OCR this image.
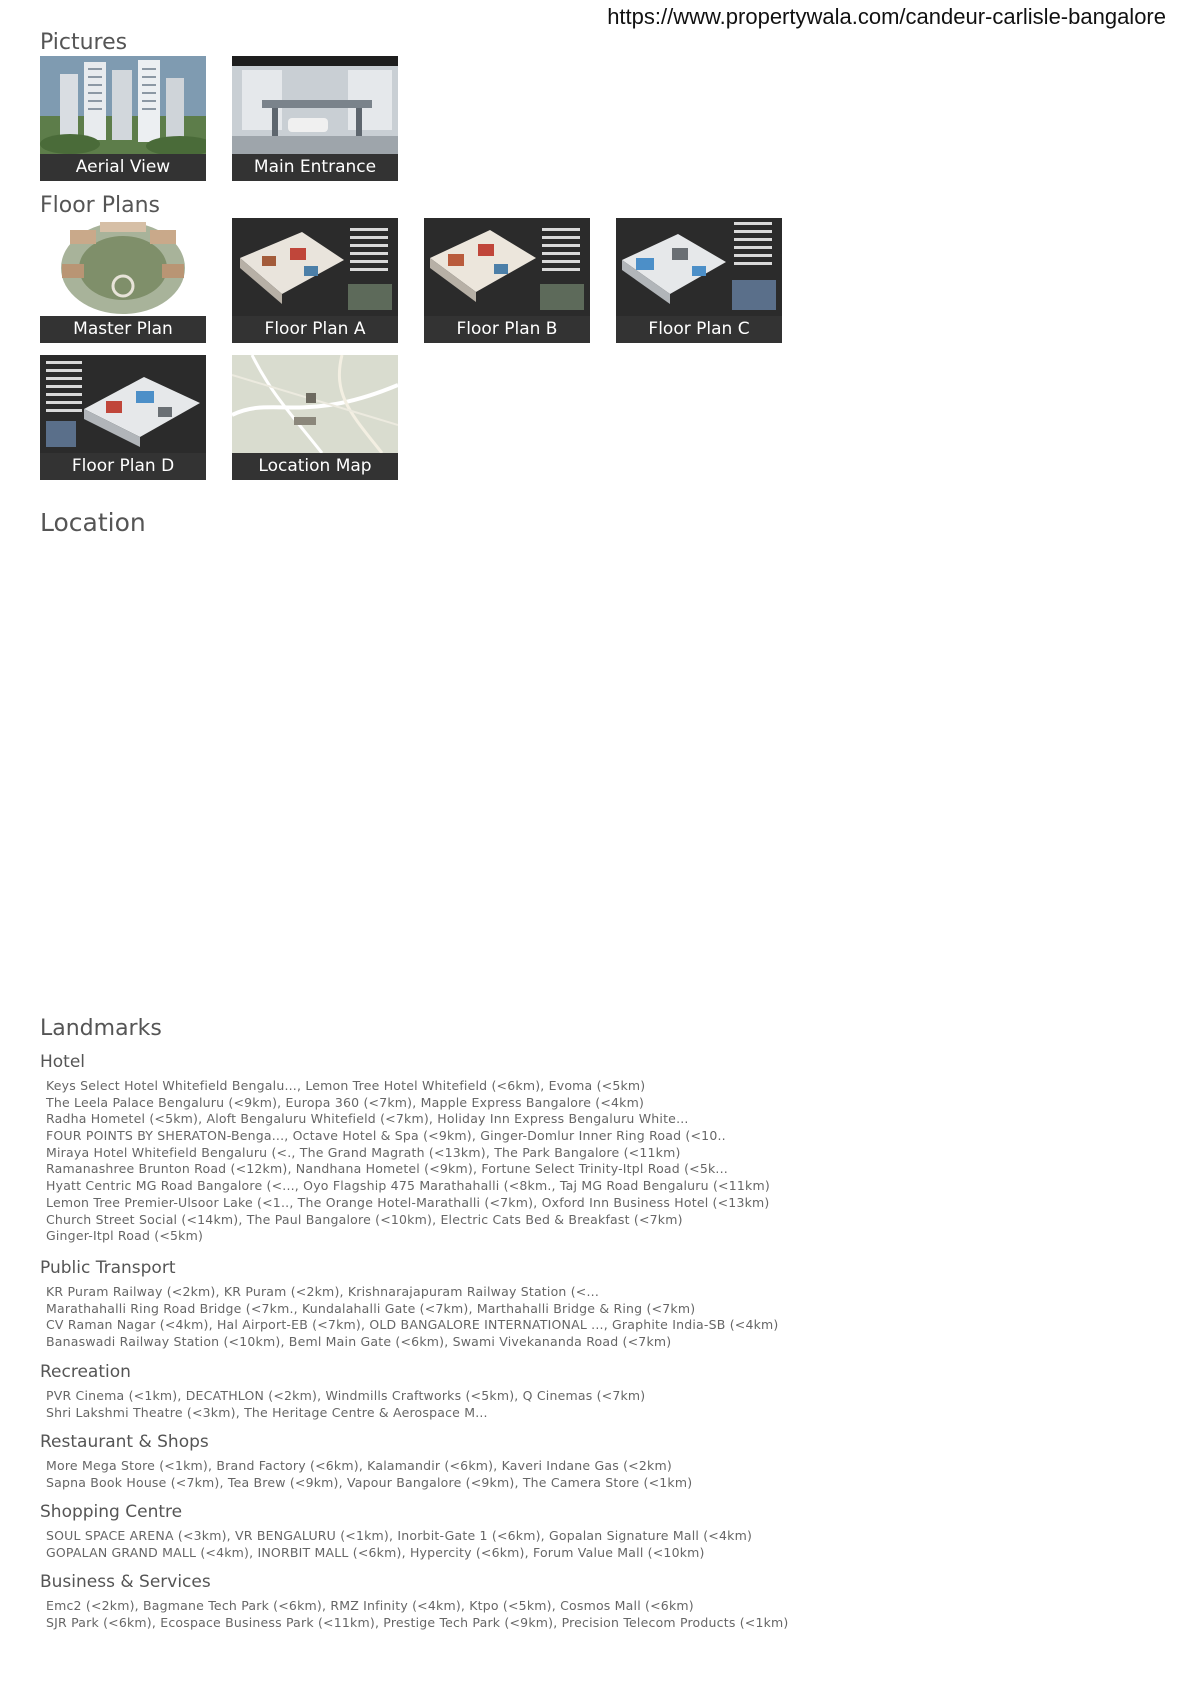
https://www.propertywala.com/candeur-carlisle-bangalore
Pictures
Aerial View	Main Entrance
Floor Plans
Master Plan	Floor Plan A	Floor Plan B	Floor Plan C
Floor Plan D	Location Map
Location
Landmarks
Hotel
Keys Select Hotel Whitefield Bengalu... , Lemon Tree Hotel Whitefield (<6km) , Evoma (<5km)
The Leela Palace Bengaluru (<9km) , Europa 360 (<7km) , Mapple Express Bangalore (<4km)
Radha Hometel (<5km) , Aloft Bengaluru Whitefield (<7km) , Holiday Inn Express Bengaluru White...
FOUR POINTS BY SHERATON-Benga... , Octave Hotel & Spa (<9km) , Ginger-Domlur Inner Ring Road (<10..
Miraya Hotel Whitefield Bengaluru (<. , The Grand Magrath (<13km) , The Park Bangalore (<11km)
Ramanashree Brunton Road (<12km) , Nandhana Hometel (<9km) , Fortune Select Trinity-Itpl Road (<5k...
Hyatt Centric MG Road Bangalore (<... , Oyo Flagship 475 Marathahalli (<8km. , Taj MG Road Bengaluru (<11km)
Lemon Tree Premier-Ulsoor Lake (<1.. , The Orange Hotel-Marathalli (<7km) , Oxford Inn Business Hotel (<13km)
Church Street Social (<14km) , The Paul Bangalore (<10km) , Electric Cats Bed & Breakfast (<7km)
Ginger-Itpl Road (<5km)
Public Transport
KR Puram Railway (<2km) , KR Puram (<2km) , Krishnarajapuram Railway Station (<...
Marathahalli Ring Road Bridge (<7km. , Kundalahalli Gate (<7km) , Marthahalli Bridge & Ring (<7km)
CV Raman Nagar (<4km) , Hal Airport-EB (<7km) , OLD BANGALORE INTERNATIONAL ... , Graphite India-SB (<4km)
Banaswadi Railway Station (<10km) , Beml Main Gate (<6km) , Swami Vivekananda Road (<7km)
Recreation
PVR Cinema (<1km) , DECATHLON (<2km) , Windmills Craftworks (<5km) , Q Cinemas (<7km)
Shri Lakshmi Theatre (<3km) , The Heritage Centre & Aerospace M...
Restaurant & Shops
More Mega Store (<1km) , Brand Factory (<6km) , Kalamandir (<6km) , Kaveri Indane Gas (<2km)
Sapna Book House (<7km) , Tea Brew (<9km) , Vapour Bangalore (<9km) , The Camera Store (<1km)
Shopping Centre
SOUL SPACE ARENA (<3km) , VR BENGALURU (<1km) , Inorbit-Gate 1 (<6km) , Gopalan Signature Mall (<4km)
GOPALAN GRAND MALL (<4km) , INORBIT MALL (<6km) , Hypercity (<6km) , Forum Value Mall (<10km)
Business & Services
Emc2 (<2km) , Bagmane Tech Park (<6km) , RMZ Infinity (<4km) , Ktpo (<5km) , Cosmos Mall (<6km)
SJR Park (<6km) , Ecospace Business Park (<11km) , Prestige Tech Park (<9km) , Precision Telecom Products (<1km)
